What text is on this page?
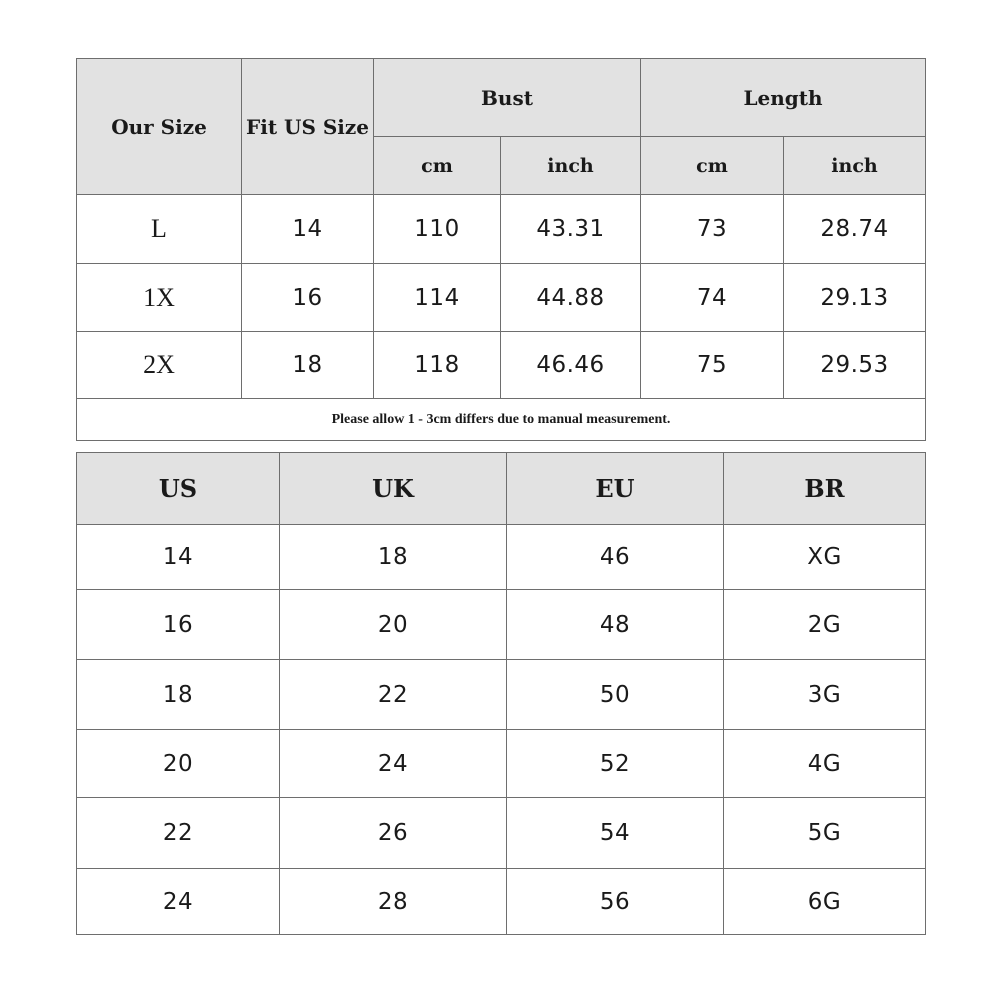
Our Size	Fit US Size	Bust		Length	
		cm	inch	cm	inch
L	14	110	43.31	73	28.74
1X	16	114	44.88	74	29.13
2X	18	118	46.46	75	29.53
Please allow 1 - 3cm differs due to manual measurement.					
US	UK	EU	BR
14	18	46	XG
16	20	48	2G
18	22	50	3G
20	24	52	4G
22	26	54	5G
24	28	56	6G
